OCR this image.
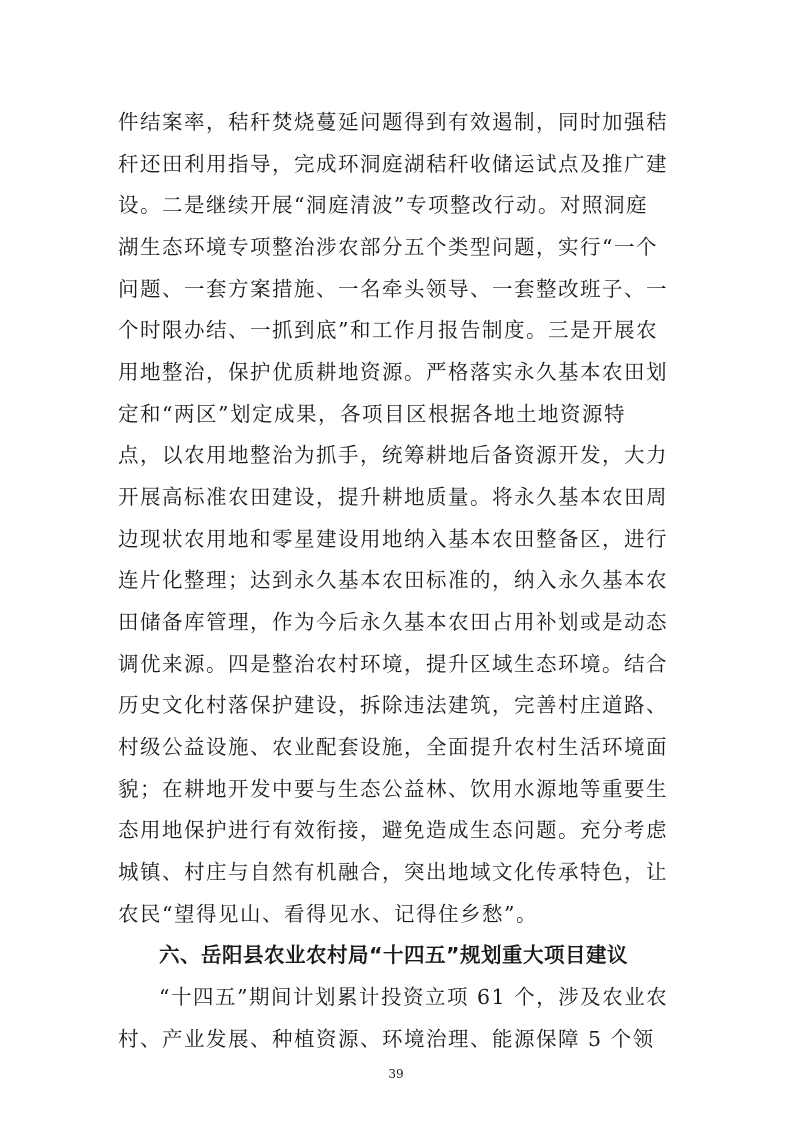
件结案率，秸秆焚烧蔓延问题得到有效遏制，同时加强秸
秆还田利用指导，完成环洞庭湖秸秆收储运试点及推广建
设。二是继续开展“洞庭清波”专项整改行动。对照洞庭
湖生态环境专项整治涉农部分五个类型问题，实行“一个
问题、一套方案措施、一名牵头领导、一套整改班子、一
个时限办结、一抓到底”和工作月报告制度。三是开展农
用地整治，保护优质耕地资源。严格落实永久基本农田划
定和“两区”划定成果，各项目区根据各地土地资源特
点，以农用地整治为抓手，统筹耕地后备资源开发，大力
开展高标准农田建设，提升耕地质量。将永久基本农田周
边现状农用地和零星建设用地纳入基本农田整备区，进行
连片化整理；达到永久基本农田标准的，纳入永久基本农
田储备库管理，作为今后永久基本农田占用补划或是动态
调优来源。四是整治农村环境，提升区域生态环境。结合
历史文化村落保护建设，拆除违法建筑，完善村庄道路、
村级公益设施、农业配套设施，全面提升农村生活环境面
貌；在耕地开发中要与生态公益林、饮用水源地等重要生
态用地保护进行有效衔接，避免造成生态问题。充分考虑
城镇、村庄与自然有机融合，突出地域文化传承特色，让
农民“望得见山、看得见水、记得住乡愁”。
六、岳阳县农业农村局“十四五”规划重大项目建议
“十四五”期间计划累计投资立项 61 个，涉及农业农
村、产业发展、种植资源、环境治理、能源保障 5 个领
39
